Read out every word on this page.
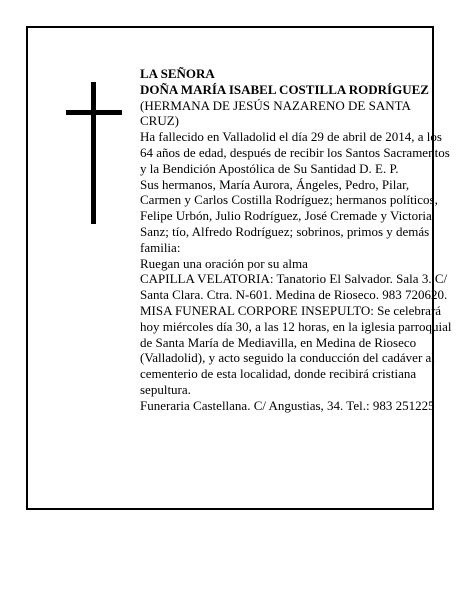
LA SEÑORA

DOÑA MARÍA ISABEL COSTILLA RODRÍGUEZ

(HERMANA DE JESÚS NAZARENO DE SANTA CRUZ)

Ha fallecido en Valladolid el día 29 de abril de 2014, a los 64 años de edad, después de recibir los Santos Sacramentos y la Bendición Apostólica de Su Santidad D. E. P.

Sus hermanos, María Aurora, Ángeles, Pedro, Pilar, Carmen y Carlos Costilla Rodríguez; hermanos políticos, Felipe Urbón, Julio Rodríguez, José Cremade y Victoria Sanz; tío, Alfredo Rodríguez; sobrinos, primos y demás familia:

Ruegan una oración por su alma

CAPILLA VELATORIA: Tanatorio El Salvador. Sala 3. C/ Santa Clara. Ctra. N-601. Medina de Rioseco. 983 720620.

MISA FUNERAL CORPORE INSEPULTO: Se celebrará hoy miércoles día 30, a las 12 horas, en la iglesia parroquial de Santa María de Mediavilla, en Medina de Rioseco (Valladolid), y acto seguido la conducción del cadáver al cementerio de esta localidad, donde recibirá cristiana sepultura.

Funeraria Castellana. C/ Angustias, 34. Tel.: 983 251225
